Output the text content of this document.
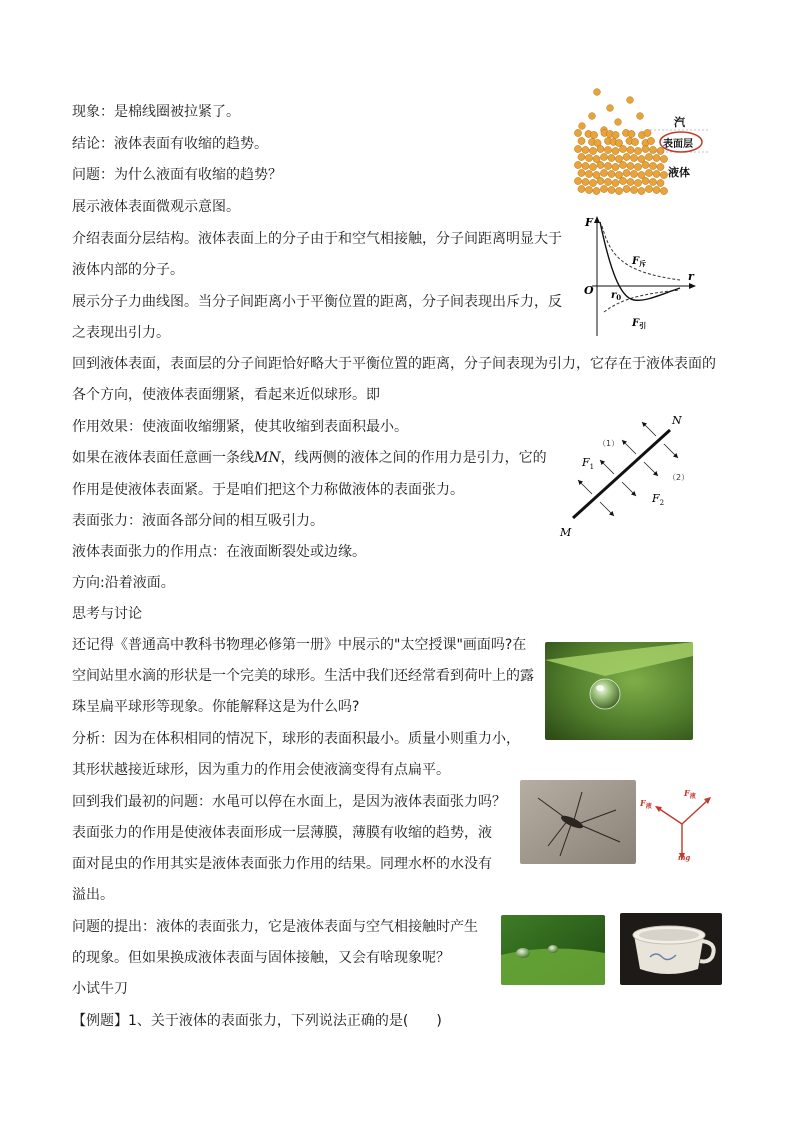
现象：是棉线圈被拉紧了。
结论：液体表面有收缩的趋势。
问题：为什么液面有收缩的趋势？
展示液体表面微观示意图。
介绍表面分层结构。液体表面上的分子由于和空气相接触，分子间距离明显大于
液体内部的分子。
展示分子力曲线图。当分子间距离小于平衡位置的距离，分子间表现出斥力，反
之表现出引力。
回到液体表面，表面层的分子间距恰好略大于平衡位置的距离，分子间表现为引力，它存在于液体表面的
各个方向，使液体表面绷紧，看起来近似球形。即
作用效果：使液面收缩绷紧，使其收缩到表面积最小。
如果在液体表面任意画一条线MN，线两侧的液体之间的作用力是引力，它的
作用是使液体表面紧。于是咱们把这个力称做液体的表面张力。
表面张力：液面各部分间的相互吸引力。
液体表面张力的作用点：在液面断裂处或边缘。
方向:沿着液面。
思考与讨论
还记得《普通高中教科书物理必修第一册》中展示的"太空授课"画面吗?在
空间站里水滴的形状是一个完美的球形。生活中我们还经常看到荷叶上的露
珠呈扁平球形等现象。你能解释这是为什么吗?
分析：因为在体积相同的情况下，球形的表面积最小。质量小则重力小，
其形状越接近球形，因为重力的作用会使液滴变得有点扁平。
回到我们最初的问题：水黾可以停在水面上，是因为液体表面张力吗？
表面张力的作用是使液体表面形成一层薄膜，薄膜有收缩的趋势，液
面对昆虫的作用其实是液体表面张力作用的结果。同理水杯的水没有
溢出。
问题的提出：液体的表面张力，它是液体表面与空气相接触时产生
的现象。但如果换成液体表面与固体接触，又会有啥现象呢？
小试牛刀
【例题】1、关于液体的表面张力，下列说法正确的是(　　)
汽
表面层
液体
F
r
O $r_0$
$F_斥$
$F_引$
N
M
（1）
（2）
$F_1$
$F_2$
$F_液$
$F_液$
mg
